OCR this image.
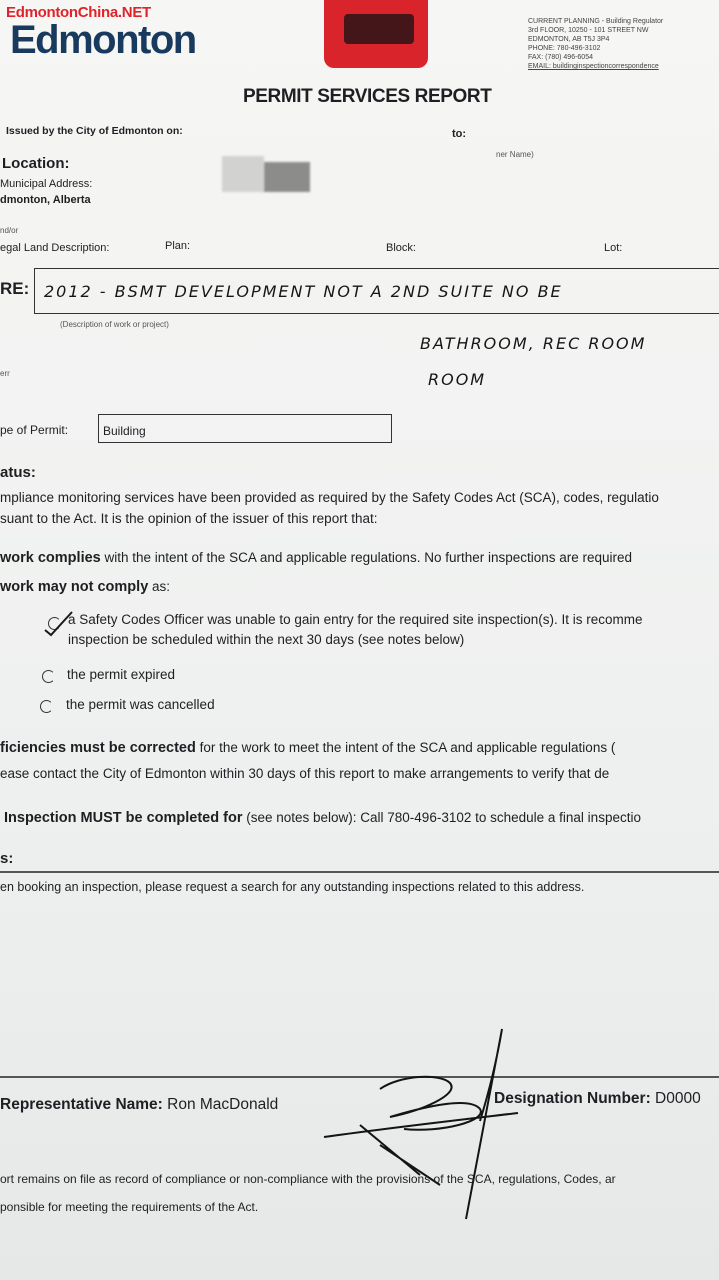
EdmontonChina.NET
Edmonton	CURRENT PLANNING - Building Regulator
3rd FLOOR, 10250 - 101 STREET NW
EDMONTON, AB T5J 3P4
PHONE: 780-496-3102
FAX: (780) 496-6054
EMAIL: buildinginspectioncorrespondence
PERMIT SERVICES REPORT
Issued by the City of Edmonton on:	to:
ner Name)
Location:
Municipal Address:
dmonton, Alberta
nd/or
egal Land Description:	Plan:	Block:	Lot:
RE: 2012 - BSMT DEVELOPMENT NOT A 2ND SUITE NO BE
(Description of work or project)
BATHROOM, REC ROOM
ROOM
err
pe of Permit:	Building
atus:
mpliance monitoring services have been provided as required by the Safety Codes Act (SCA), codes, regulatio
suant to the Act. It is the opinion of the issuer of this report that:
work complies with the intent of the SCA and applicable regulations. No further inspections are required
work may not comply as:
a Safety Codes Officer was unable to gain entry for the required site inspection(s). It is recomme
inspection be scheduled within the next 30 days (see notes below)
the permit expired
the permit was cancelled
ficiencies must be corrected for the work to meet the intent of the SCA and applicable regulations (
ease contact the City of Edmonton within 30 days of this report to make arrangements to verify that de
Inspection MUST be completed for (see notes below): Call 780-496-3102 to schedule a final inspectio
s:
en booking an inspection, please request a search for any outstanding inspections related to this address.
Representative Name: Ron MacDonald	Designation Number: D0000
ort remains on file as record of compliance or non-compliance with the provisions of the SCA, regulations, Codes, ar
ponsible for meeting the requirements of the Act.
